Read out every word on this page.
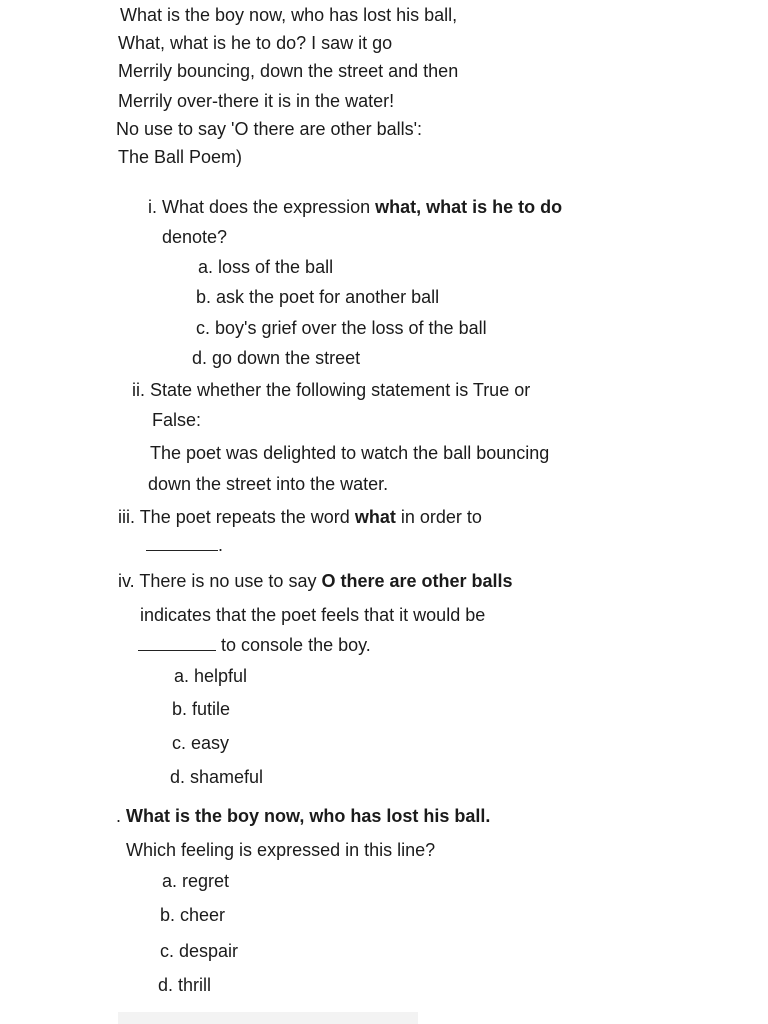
What is the boy now, who has lost his ball,
What, what is he to do? I saw it go
Merrily bouncing, down the street and then
Merrily over-there it is in the water!
No use to say 'O there are other balls':
The Ball Poem)
i. What does the expression what, what is he to do
denote?
a. loss of the ball
b. ask the poet for another ball
c. boy's grief over the loss of the ball
d. go down the street
ii. State whether the following statement is True or
False:
The poet was delighted to watch the ball bouncing
down the street into the water.
iii. The poet repeats the word what in order to
.
iv. There is no use to say O there are other balls
indicates that the poet feels that it would be
to console the boy.
a. helpful
b. futile
c. easy
d. shameful
. What is the boy now, who has lost his ball.
Which feeling is expressed in this line?
a. regret
b. cheer
c. despair
d. thrill
